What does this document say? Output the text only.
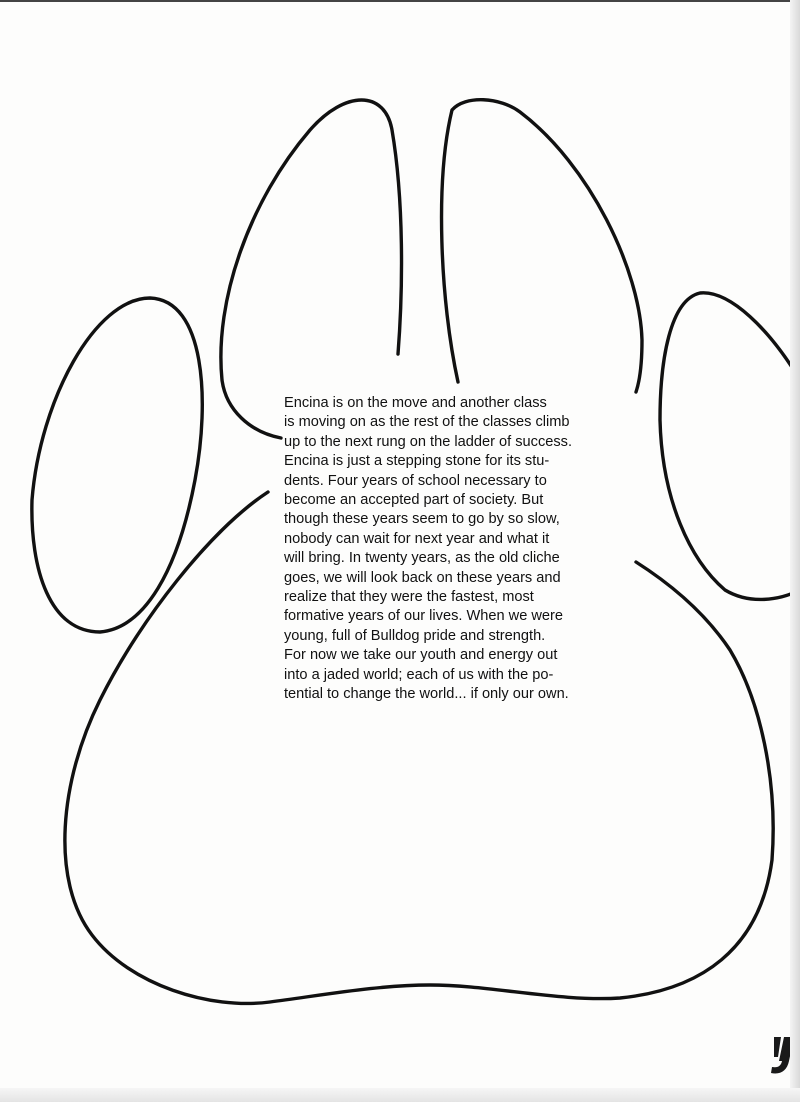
Encina is on the move and another class
is moving on as the rest of the classes climb
up to the next rung on the ladder of success.
Encina is just a stepping stone for its stu-
dents. Four years of school necessary to
become an accepted part of society. But
though these years seem to go by so slow,
nobody can wait for next year and what it
will bring. In twenty years, as the old cliche
goes, we will look back on these years and
realize that they were the fastest, most
formative years of our lives. When we were
young, full of Bulldog pride and strength.
For now we take our youth and energy out
into a jaded world; each of us with the po-
tential to change the world... if only our own.
